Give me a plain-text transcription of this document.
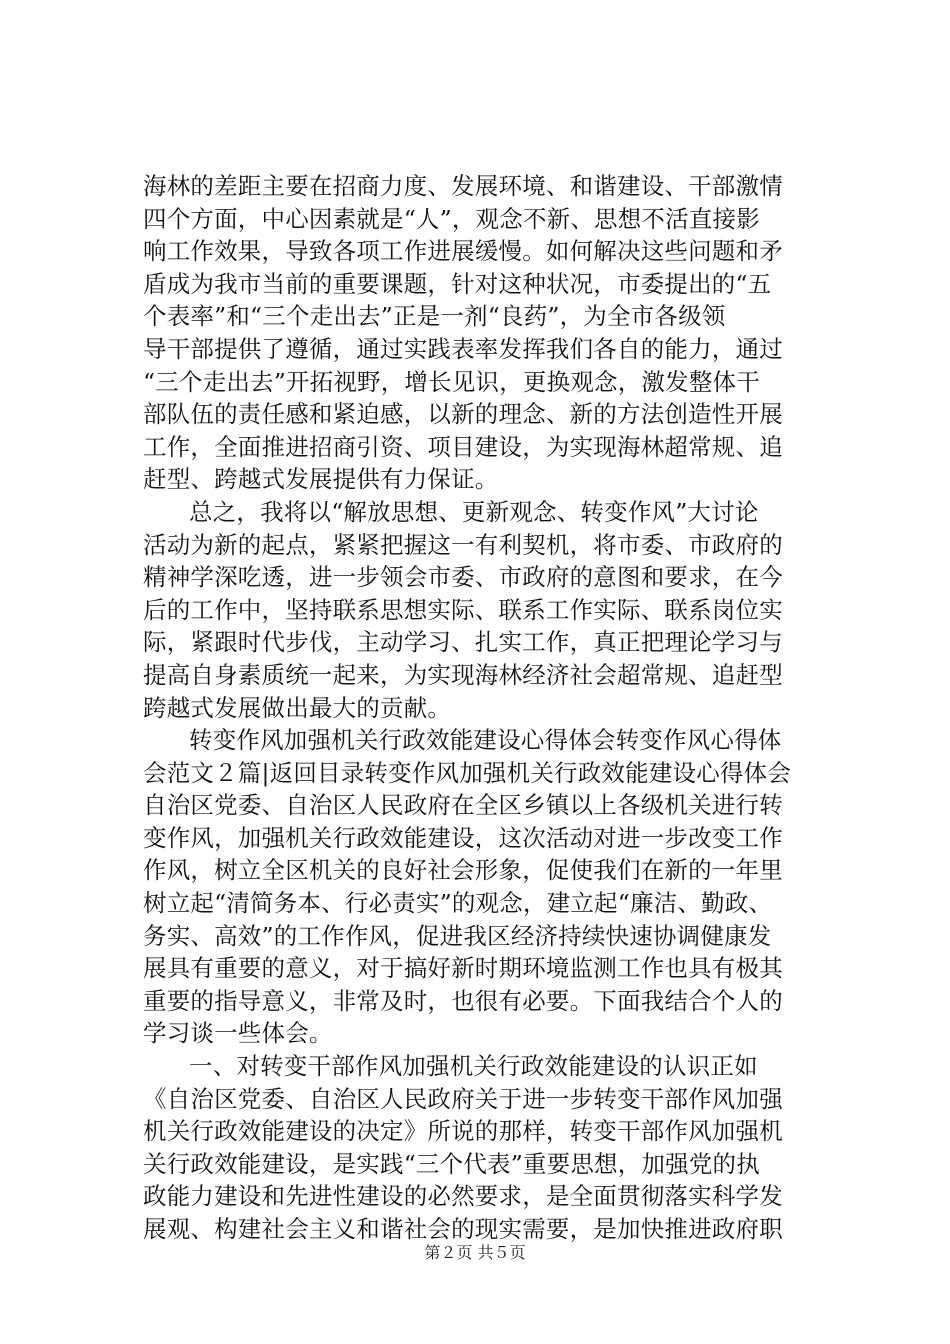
海林的差距主要在招商力度、发展环境、和谐建设、干部激情
四个方面，中心因素就是“人”，观念不新、思想不活直接影
响工作效果，导致各项工作进展缓慢。如何解决这些问题和矛
盾成为我市当前的重要课题，针对这种状况，市委提出的“五
个表率”和“三个走出去”正是一剂“良药”，为全市各级领
导干部提供了遵循，通过实践表率发挥我们各自的能力，通过
“三个走出去”开拓视野，增长见识，更换观念，激发整体干
部队伍的责任感和紧迫感，以新的理念、新的方法创造性开展
工作，全面推进招商引资、项目建设，为实现海林超常规、追
赶型、跨越式发展提供有力保证。
总之，我将以“解放思想、更新观念、转变作风”大讨论
活动为新的起点，紧紧把握这一有利契机，将市委、市政府的
精神学深吃透，进一步领会市委、市政府的意图和要求，在今
后的工作中，坚持联系思想实际、联系工作实际、联系岗位实
际，紧跟时代步伐，主动学习、扎实工作，真正把理论学习与
提高自身素质统一起来，为实现海林经济社会超常规、追赶型
跨越式发展做出最大的贡献。
转变作风加强机关行政效能建设心得体会转变作风心得体
会范文２篇|返回目录转变作风加强机关行政效能建设心得体会
自治区党委、自治区人民政府在全区乡镇以上各级机关进行转
变作风，加强机关行政效能建设，这次活动对进一步改变工作
作风，树立全区机关的良好社会形象，促使我们在新的一年里
树立起“清简务本、行必责实”的观念，建立起“廉洁、勤政、
务实、高效”的工作作风，促进我区经济持续快速协调健康发
展具有重要的意义，对于搞好新时期环境监测工作也具有极其
重要的指导意义，非常及时，也很有必要。下面我结合个人的
学习谈一些体会。
一、对转变干部作风加强机关行政效能建设的认识正如
《自治区党委、自治区人民政府关于进一步转变干部作风加强
机关行政效能建设的决定》所说的那样，转变干部作风加强机
关行政效能建设，是实践“三个代表”重要思想，加强党的执
政能力建设和先进性建设的必然要求，是全面贯彻落实科学发
展观、构建社会主义和谐社会的现实需要，是加快推进政府职
第２页 共５页
